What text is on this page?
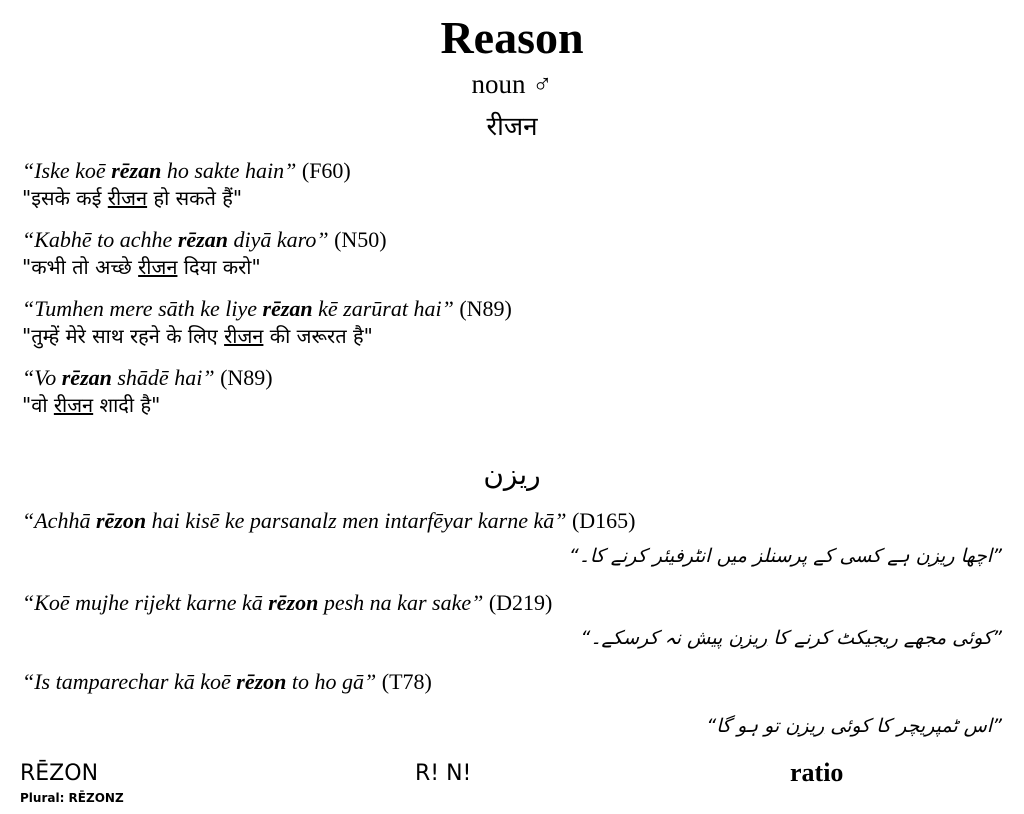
Reason
noun ♂
रीजन
“Iske koē rēzan ho sakte hain” (F60)
"इसके कई रीजन हो सकते हैं"
“Kabhē to achhe rēzan diyā karo” (N50)
"कभी तो अच्छे रीजन दिया करो"
“Tumhen mere sāth ke liye rēzan kē zarūrat hai” (N89)
"तुम्हें मेरे साथ रहने के लिए रीजन की जरूरत है"
“Vo rēzan shādē hai” (N89)
"वो रीजन शादी है"
ریزن
“Achhā rēzon hai kisē ke parsanalz men intarfēyar karne kā” (D165)
”اچھا ریزن ہے کسی کے پرسنلز میں انٹرفیئر کرنے کا۔“
“Koē mujhe rijekt karne kā rēzon pesh na kar sake” (D219)
”کوئی مجھے ریجیکٹ کرنے کا ریزن پیش نہ کرسکے۔“
“Is tamparechar kā koē rēzon to ho gā” (T78)
”اس ٹمپریچر کا کوئی ریزن تو ہو گا“
RĒZON
Plural: RĒZONZ
R! N!	ratio
